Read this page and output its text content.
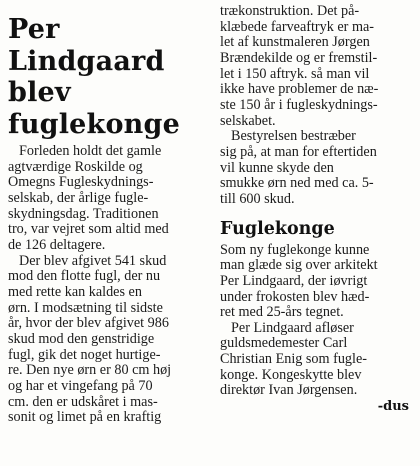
Per
Lindgaard
blev
fuglekonge
Forleden holdt det gamle
agtværdige Roskilde og
Omegns Fugleskydnings-
selskab, der årlige fugle-
skydningsdag. Traditionen
tro, var vejret som altid med
de 126 deltagere.
Der blev afgivet 541 skud
mod den flotte fugl, der nu
med rette kan kaldes en
ørn. I modsætning til sidste
år, hvor der blev afgivet 986
skud mod den genstridige
fugl, gik det noget hurtige-
re. Den nye ørn er 80 cm høj
og har et vingefang på 70
cm. den er udskåret i mas-
sonit og limet på en kraftig
trækonstruktion. Det på-
klæbede farveaftryk er ma-
let af kunstmaleren Jørgen
Brændekilde og er fremstil-
let i 150 aftryk. så man vil
ikke have problemer de næ-
ste 150 år i fugleskydnings-
selskabet.
Bestyrelsen bestræber
sig på, at man for eftertiden
vil kunne skyde den
smukke ørn ned med ca. 5-
till 600 skud.
Fuglekonge
Som ny fuglekonge kunne
man glæde sig over arkitekt
Per Lindgaard, der iøvrigt
under frokosten blev hæd-
ret med 25-års tegnet.
Per Lindgaard afløser
guldsmedemester Carl
Christian Enig som fugle-
konge. Kongeskytte blev
direktør Ivan Jørgensen.
-dus
